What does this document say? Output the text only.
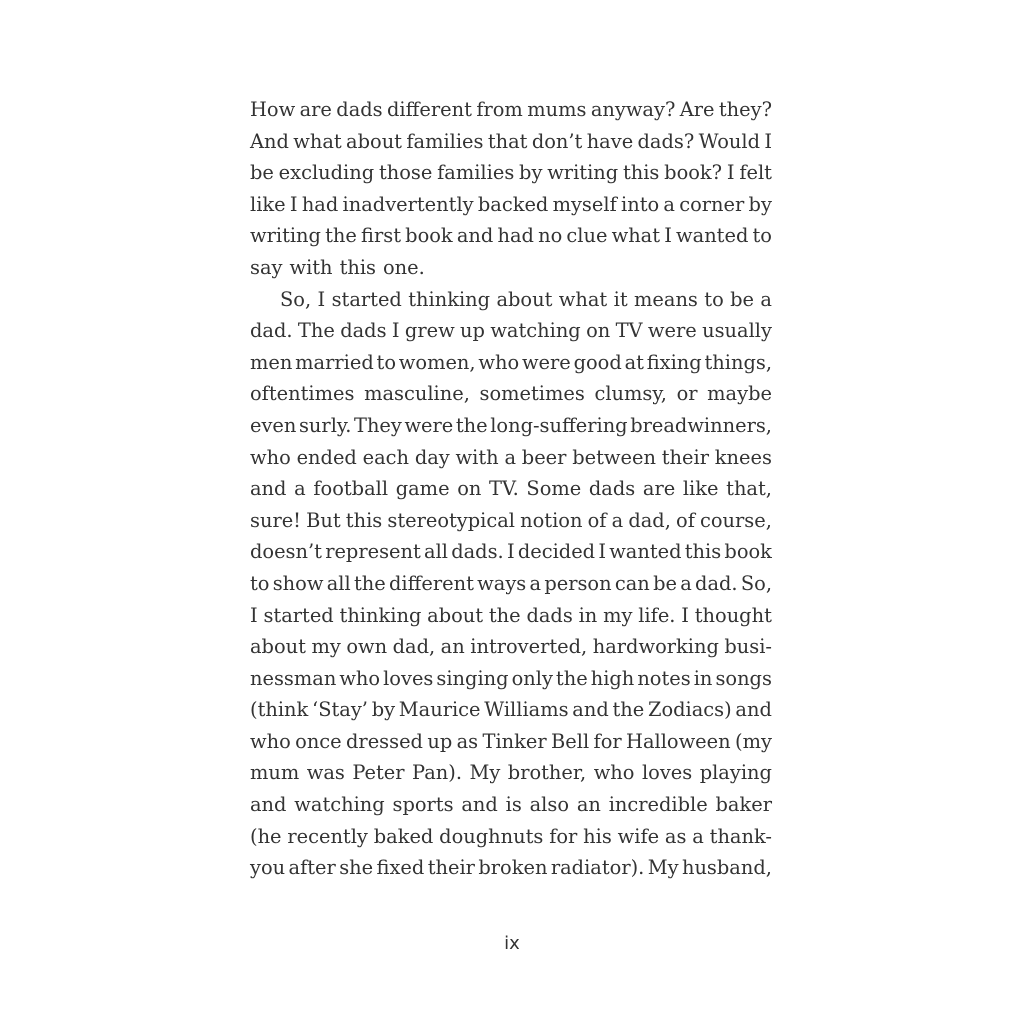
How are dads different from mums anyway? Are they?
And what about families that don’t have dads? Would I
be excluding those families by writing this book? I felt
like I had inadvertently backed myself into a corner by
writing the first book and had no clue what I wanted to
say with this one.
So, I started thinking about what it means to be a
dad. The dads I grew up watching on TV were usually
men married to women, who were good at fixing things,
oftentimes masculine, sometimes clumsy, or maybe
even surly. They were the long-suffering breadwinners,
who ended each day with a beer between their knees
and a football game on TV. Some dads are like that,
sure! But this stereotypical notion of a dad, of course,
doesn’t represent all dads. I decided I wanted this book
to show all the different ways a person can be a dad. So,
I started thinking about the dads in my life. I thought
about my own dad, an introverted, hardworking busi-
nessman who loves singing only the high notes in songs
(think ‘Stay’ by Maurice Williams and the Zodiacs) and
who once dressed up as Tinker Bell for Halloween (my
mum was Peter Pan). My brother, who loves playing
and watching sports and is also an incredible baker
(he recently baked doughnuts for his wife as a thank-
you after she fixed their broken radiator). My husband,
ix
